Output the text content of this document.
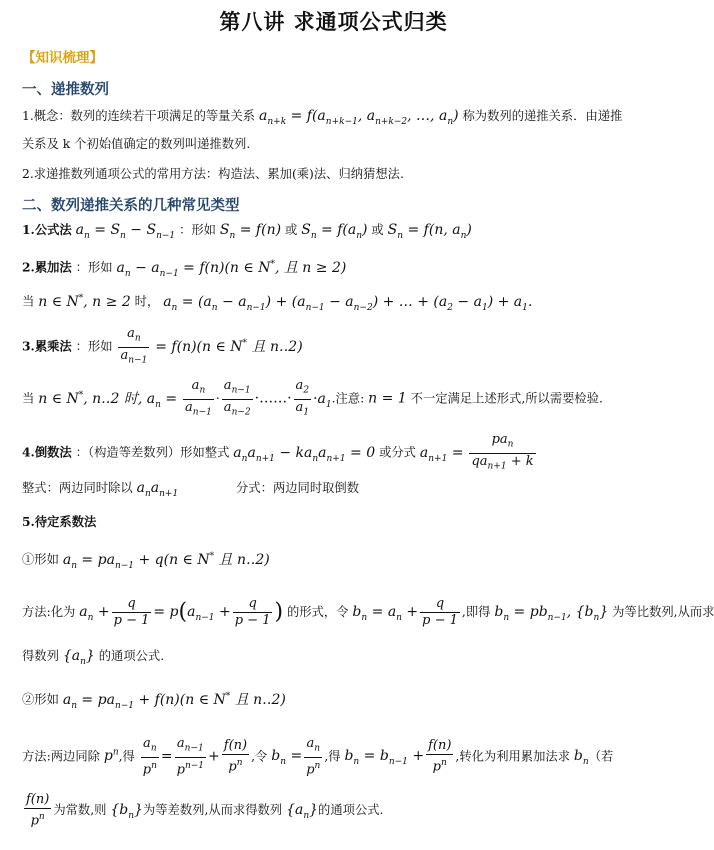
第八讲 求通项公式归类
【知识梳理】
一、递推数列
1.概念：数列的连续若干项满足的等量关系 $a_{n+k} = f(a_{n+k-1}$, $a_{n+k-2}$, …, $a_n$) 称为数列的递推关系．由递推
关系及 k 个初始值确定的数列叫递推数列.
2.求递推数列通项公式的常用方法：构造法、累加(乘)法、归纳猜想法.
二、数列递推关系的几种常见类型
1.公式法 $a_n = S_n - S_{n-1}$ ：形如 $S_n = f(n)$ 或 $S_n = f(a_n)$ 或 $S_n = f(n$, $a_n$)
2.累加法 ：形如 $a_n - a_{n-1} = f(n)(n$ ∈ N*, 且 n ≥ 2)
当 n ∈ N*, n ≥ 2 时， $a_n = (a_n - a_{n-1}) + (a_{n-1} - a_{n-2})$ + … + $(a_2 - a_1) + a_1$.
3.累乘法 ：形如 $\frac{a_n}{a_{n-1}} = f(n)(n$ ∈ N* 且 n‥2)
当 n ∈ N*, n‥2 时, $a_n = \frac{a_n}{a_{n-1}} \cdot \frac{a_{n-1}}{a_{n-2}}$ ·……· $\frac{a_2}{a_1} \cdot a_1$.注意: n = 1 不一定满足上述形式,所以需要检验.
4.倒数法 ：（构造等差数列）形如整式 $a_na_{n+1} - ka_na_{n+1} = 0$ 或分式 $a_{n+1} = \frac{pa_n}{qa_{n+1} + k}$
整式：两边同时除以 $a_na_{n+1}$	分式：两边同时取倒数
5.待定系数法
①形如 $a_n = pa_{n-1} + q(n$ ∈ N* 且 n‥2)
方法:化为 $a_n + \frac{q}{p - 1} = p(a_{n-1} + \frac{q}{p - 1}$ ) 的形式，令 $b_n = a_n + \frac{q}{p - 1}$ ,即得 $b_n = pb_{n-1}$, $\{b_n\}$ 为等比数列,从而求
得数列 $\{a_n\}$ 的通项公式.
②形如 $a_n = pa_{n-1} + f(n)(n$ ∈ N* 且 n‥2)
方法:两边同除 $p^n$,得 $\frac{a_n}{p^n} = \frac{a_{n-1}}{p^{n-1}} + \frac{f(n)}{p^n}$ ,令 $b_n = \frac{a_n}{p^n}$ ,得 $b_n = b_{n-1} + \frac{f(n)}{p^n}$ ,转化为利用累加法求 $b_n$（若
$\frac{f(n)}{p^n}$ 为常数,则 $\{b_n\}$为等差数列,从而求得数列 $\{a_n\}$的通项公式.
